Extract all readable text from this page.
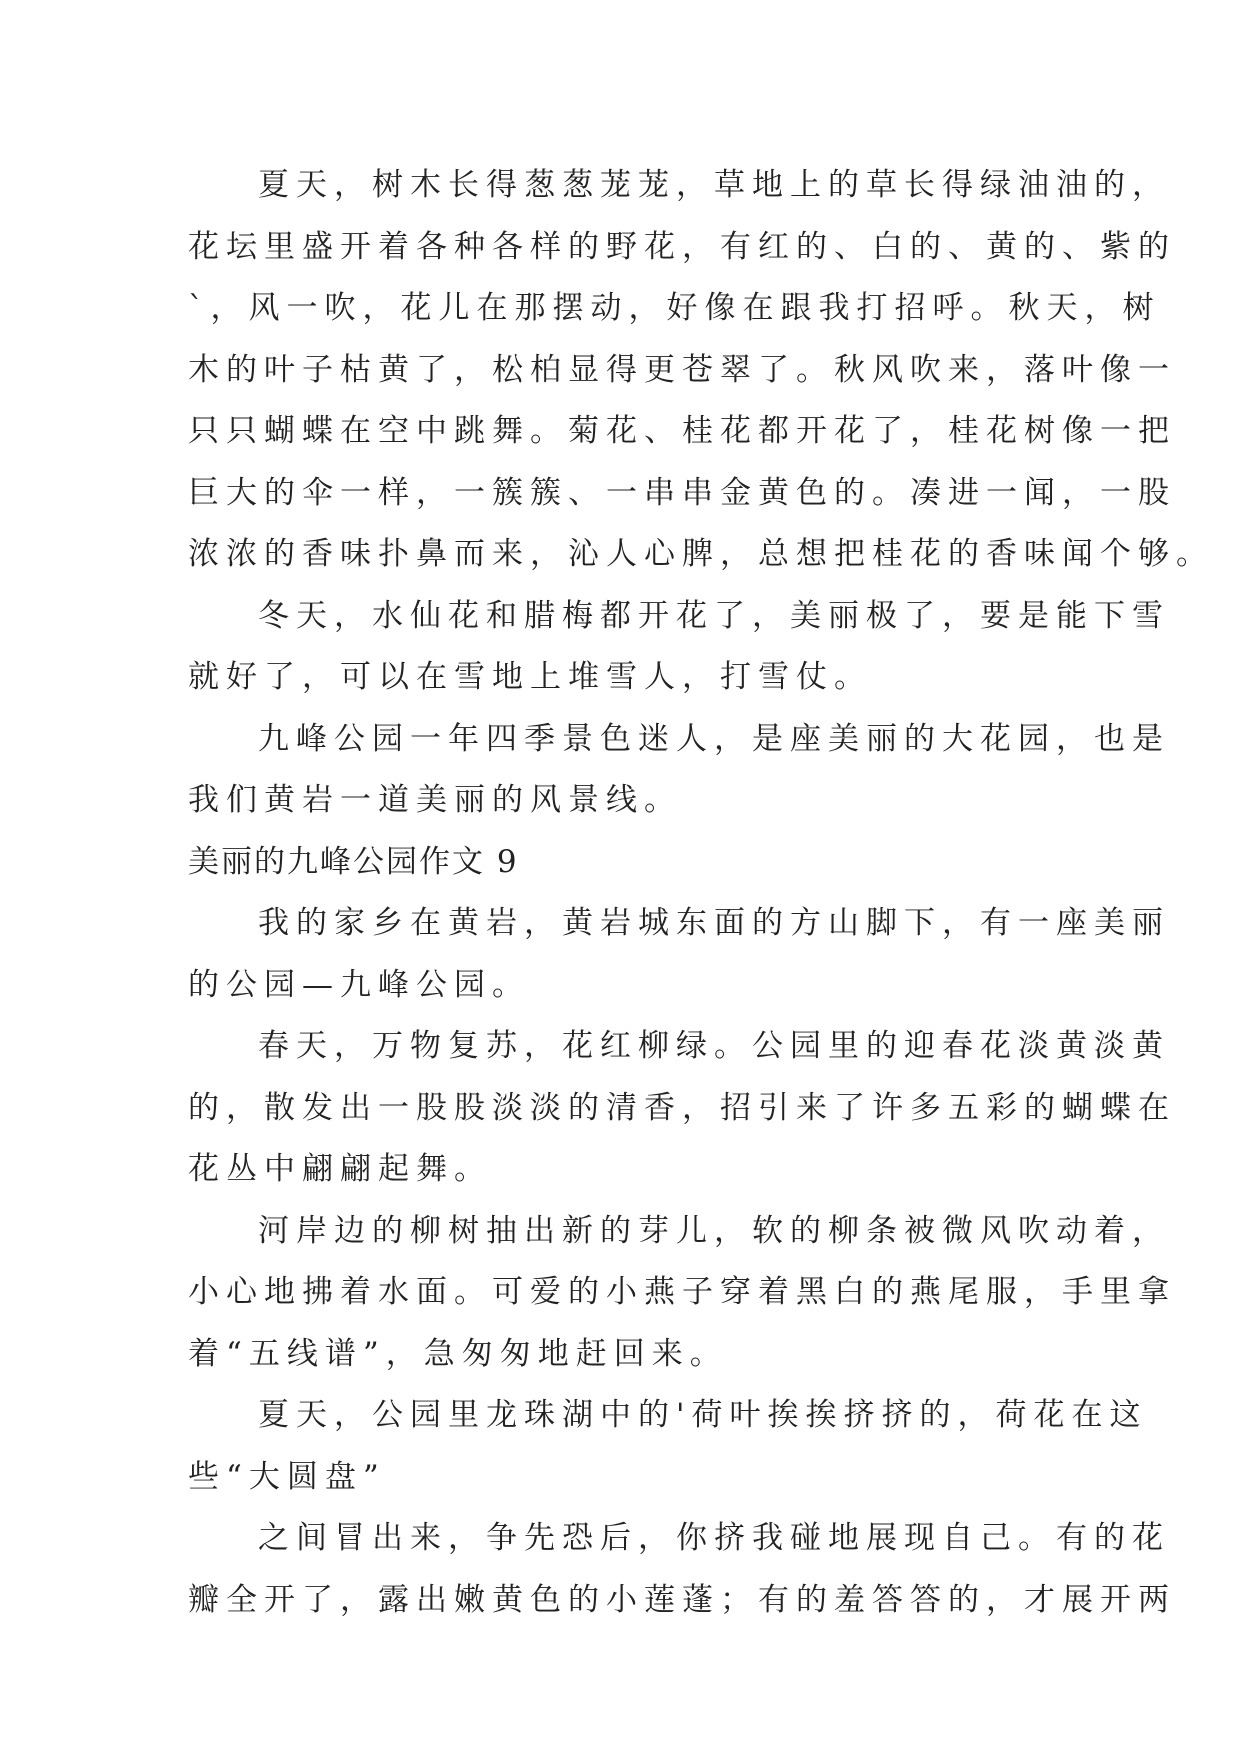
夏天，树木长得葱葱茏茏，草地上的草长得绿油油的，
花坛里盛开着各种各样的野花，有红的、白的、黄的、紫的
`，风一吹，花儿在那摆动，好像在跟我打招呼。秋天，树
木的叶子枯黄了，松柏显得更苍翠了。秋风吹来，落叶像一
只只蝴蝶在空中跳舞。菊花、桂花都开花了，桂花树像一把
巨大的伞一样，一簇簇、一串串金黄色的。凑进一闻，一股
浓浓的香味扑鼻而来，沁人心脾，总想把桂花的香味闻个够。
冬天，水仙花和腊梅都开花了，美丽极了，要是能下雪
就好了，可以在雪地上堆雪人，打雪仗。
九峰公园一年四季景色迷人，是座美丽的大花园，也是
我们黄岩一道美丽的风景线。
美丽的九峰公园作文 9
我的家乡在黄岩，黄岩城东面的方山脚下，有一座美丽
的公园—九峰公园。
春天，万物复苏，花红柳绿。公园里的迎春花淡黄淡黄
的，散发出一股股淡淡的清香，招引来了许多五彩的蝴蝶在
花丛中翩翩起舞。
河岸边的柳树抽出新的芽儿，软的柳条被微风吹动着，
小心地拂着水面。可爱的小燕子穿着黑白的燕尾服，手里拿
着“五线谱”，急匆匆地赶回来。
夏天，公园里龙珠湖中的'荷叶挨挨挤挤的，荷花在这
些“大圆盘”
之间冒出来，争先恐后，你挤我碰地展现自己。有的花
瓣全开了，露出嫩黄色的小莲蓬；有的羞答答的，才展开两
